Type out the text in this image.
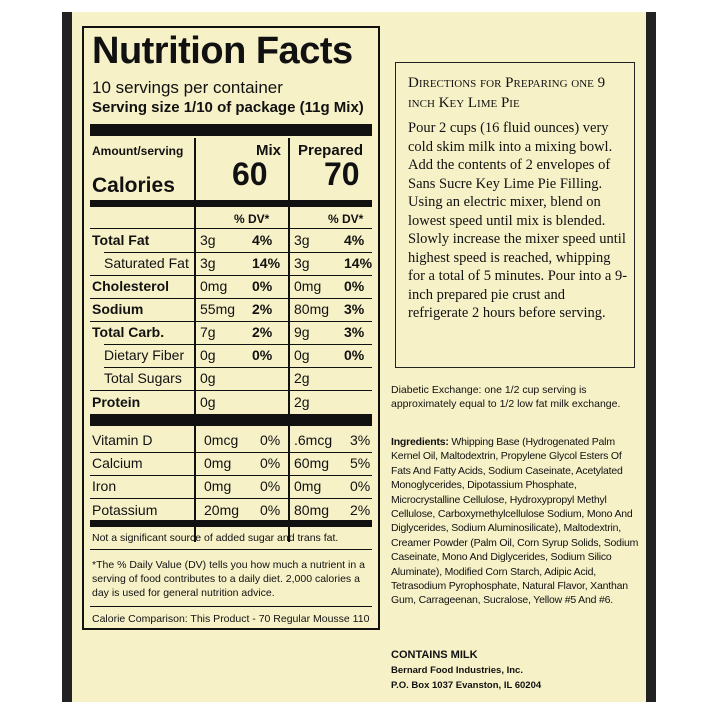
Nutrition Facts
10 servings per container
Serving size 1/10 of package (11g Mix)
Amount/serving	Mix Prepared
Calories 60 70
% DV*	% DV*
Total Fat	3g	4% 3g 4%
Saturated Fat 3g	14% 3g 14%
Cholesterol 0mg 0% 0mg 0%
Sodium	55mg 2% 80mg 3%
Total Carb.	7g	2% 9g 3%
Dietary Fiber 0g	0% 0g 0%
Total Sugars 0g	2g
Protein	0g	2g
Vitamin D	0mcg 0% .6mcg 3%
Calcium	0mg 0% 60mg 5%
Iron	0mg 0% 0mg 0%
Potassium	20mg 0% 80mg 2%
Not a significant source of added sugar and trans fat.
*The % Daily Value (DV) tells you how much a nutrient in a serving of food contributes to a daily diet. 2,000 calories a day is used for general nutrition advice.
Calorie Comparison: This Product - 70 Regular Mousse 110
Directions for Preparing one 9 inch Key Lime Pie
Pour 2 cups (16 fluid ounces) very cold skim milk into a mixing bowl. Add the contents of 2 envelopes of Sans Sucre Key Lime Pie Filling. Using an electric mixer, blend on lowest speed until mix is blended. Slowly increase the mixer speed until highest speed is reached, whipping for a total of 5 minutes. Pour into a 9-inch prepared pie crust and refrigerate 2 hours before serving.
Diabetic Exchange: one 1/2 cup serving is approximately equal to 1/2 low fat milk exchange.
Ingredients: Whipping Base (Hydrogenated Palm Kernel Oil, Maltodextrin, Propylene Glycol Esters Of Fats And Fatty Acids, Sodium Caseinate, Acetylated Monoglycerides, Dipotassium Phosphate, Microcrystalline Cellulose, Hydroxypropyl Methyl Cellulose, Carboxymethylcellulose Sodium, Mono And Diglycerides, Sodium Aluminosilicate), Maltodextrin, Creamer Powder (Palm Oil, Corn Syrup Solids, Sodium Caseinate, Mono And Diglycerides, Sodium Silico Aluminate), Modified Corn Starch, Adipic Acid, Tetrasodium Pyrophosphate, Natural Flavor, Xanthan Gum, Carrageenan, Sucralose, Yellow #5 And #6.
CONTAINS MILK
Bernard Food Industries, Inc.
P.O. Box 1037 Evanston, IL 60204
